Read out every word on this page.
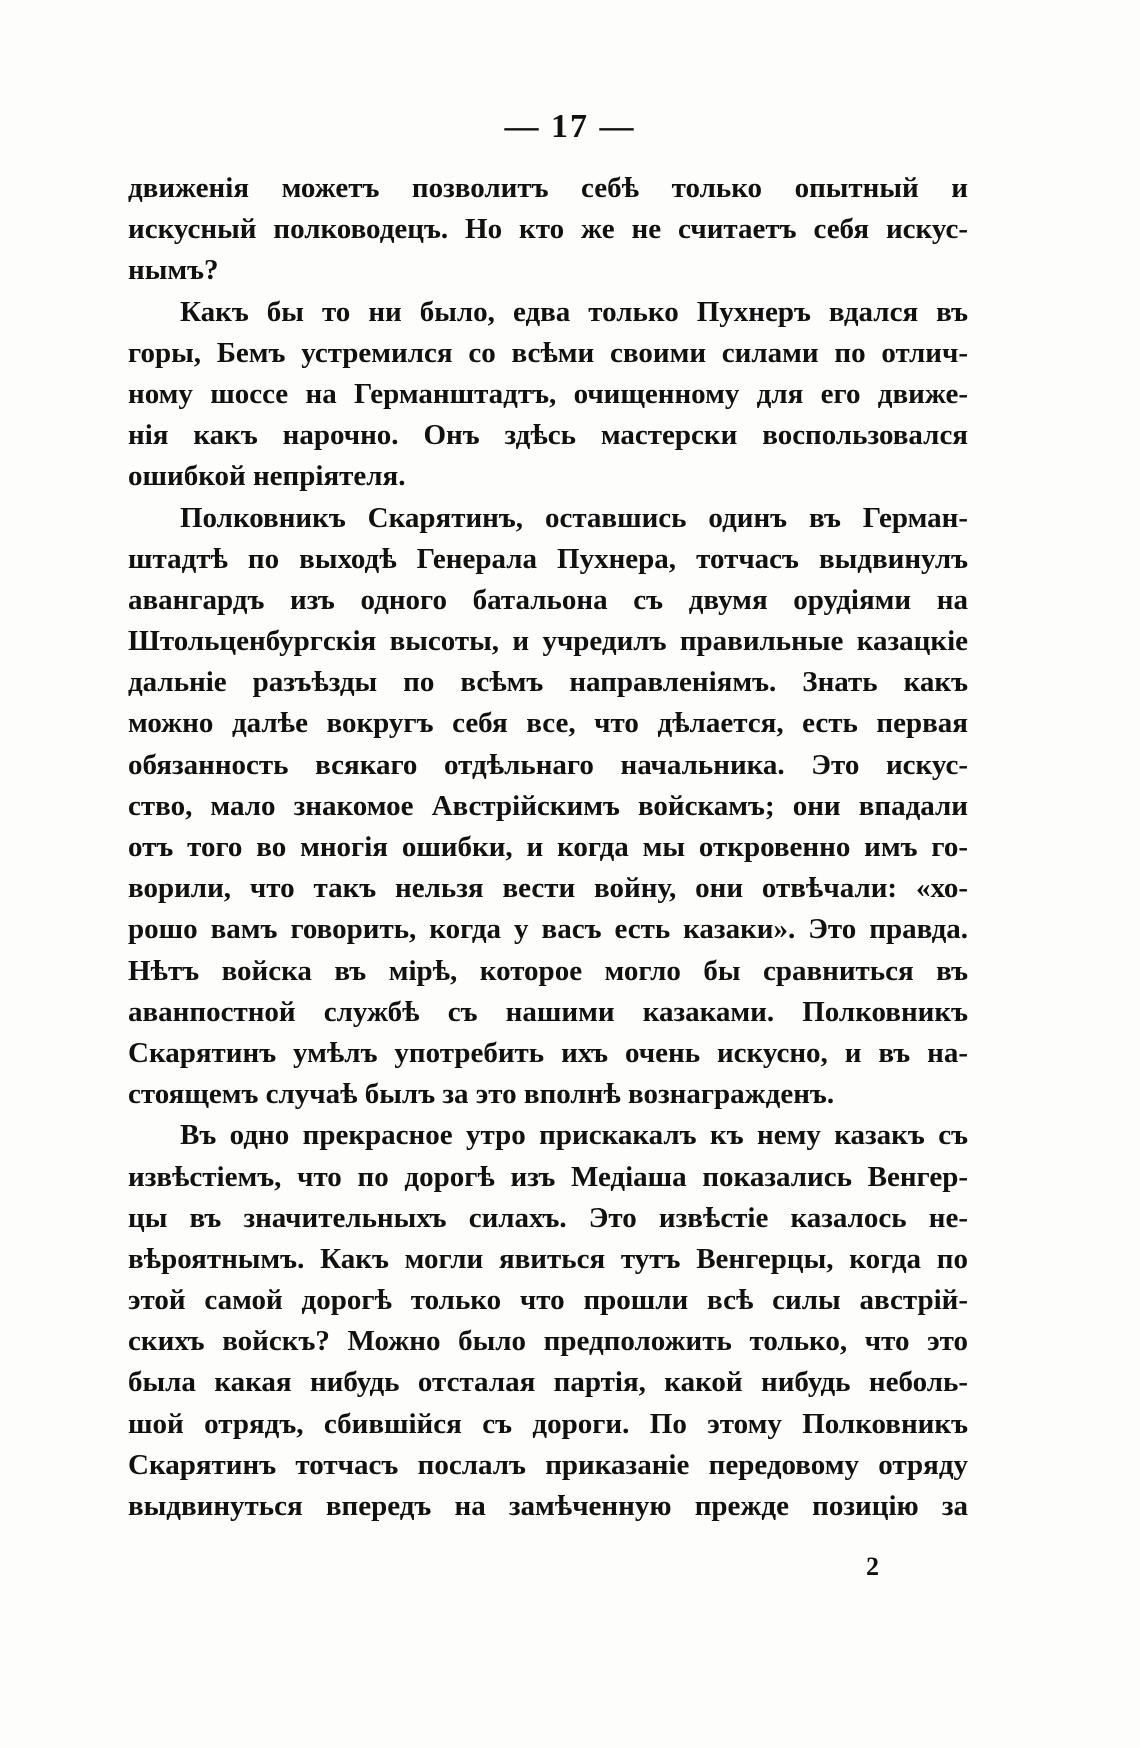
— 17 —

движенія можетъ позволитъ себѣ только опытный и
искусный полководецъ. Но кто же не считаетъ себя искус-
нымъ?

Какъ бы то ни было, едва только Пухнеръ вдался въ
горы, Бемъ устремился со всѣми своими силами по отлич-
ному шоссе на Германштадтъ, очищенному для его движе-
нія какъ нарочно. Онъ здѣсь мастерски воспользовался
ошибкой непріятеля.

Полковникъ Скарятинъ, оставшись одинъ въ Герман-
штадтѣ по выходѣ Генерала Пухнера, тотчасъ выдвинулъ
авангардъ изъ одного батальона съ двумя орудіями на
Штольценбургскія высоты, и учредилъ правильные казацкіе
дальніе разъѣзды по всѣмъ направленіямъ. Знать какъ
можно далѣе вокругъ себя все, что дѣлается, есть первая
обязанность всякаго отдѣльнаго начальника. Это искус-
ство, мало знакомое Австрійскимъ войскамъ; они впадали
отъ того во многія ошибки, и когда мы откровенно имъ го-
ворили, что такъ нельзя вести войну, они отвѣчали: «хо-
рошо вамъ говорить, когда у васъ есть казаки». Это правда.
Нѣтъ войска въ мірѣ, которое могло бы сравниться въ
аванпостной службѣ съ нашими казаками. Полковникъ
Скарятинъ умѣлъ употребить ихъ очень искусно, и въ на-
стоящемъ случаѣ былъ за это вполнѣ вознагражденъ.

Въ одно прекрасное утро прискакалъ къ нему казакъ съ
извѣстіемъ, что по дорогѣ изъ Медіаша показались Венгер-
цы въ значительныхъ силахъ. Это извѣстіе казалось не-
вѣроятнымъ. Какъ могли явиться тутъ Венгерцы, когда по
этой самой дорогѣ только что прошли всѣ силы австрій-
скихъ войскъ? Можно было предположить только, что это
была какая нибудь отсталая партія, какой нибудь неболь-
шой отрядъ, сбившійся съ дороги. По этому Полковникъ
Скарятинъ тотчасъ послалъ приказаніе передовому отряду
выдвинуться впередъ на замѣченную прежде позицію за

2
